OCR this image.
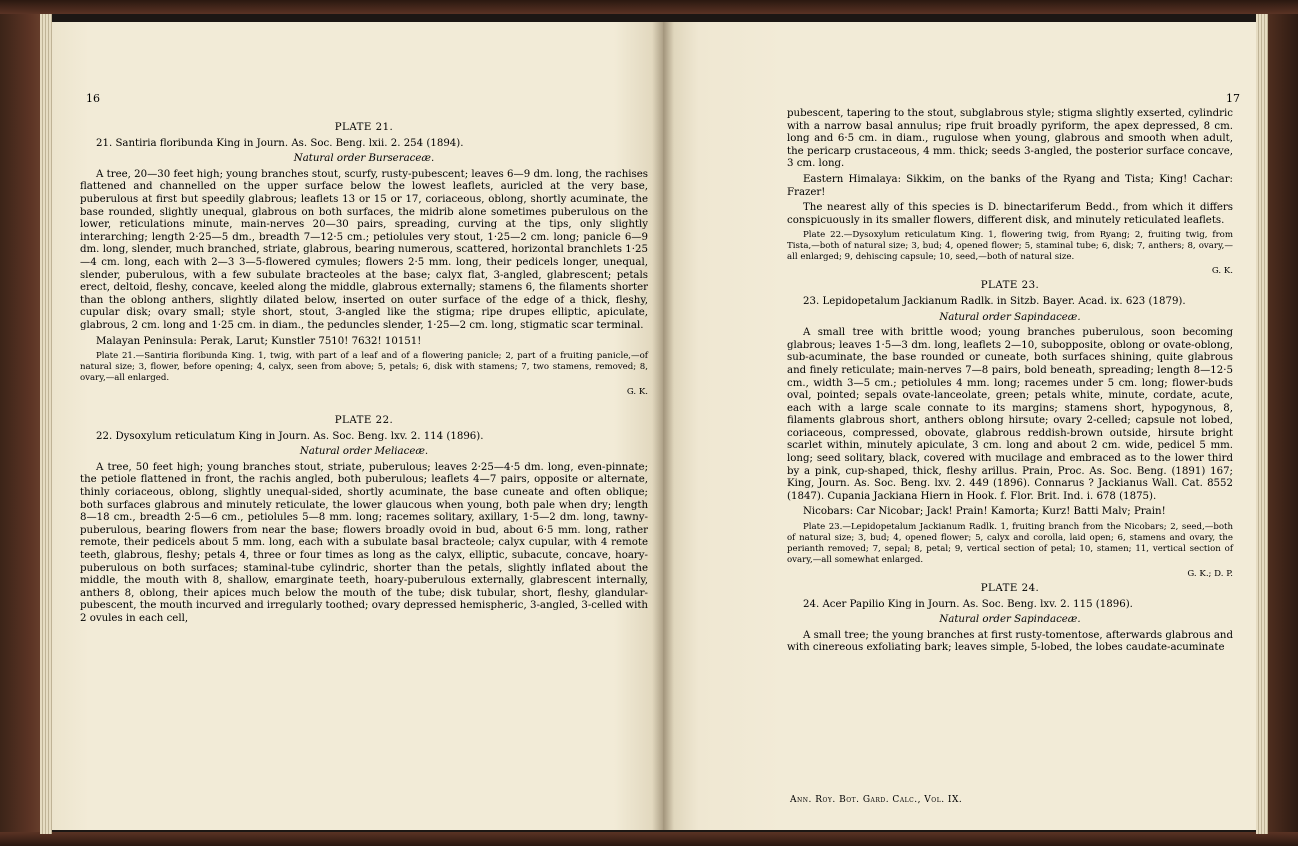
16

PLATE 21.

21. Santiria floribunda King in Journ. As. Soc. Beng. lxii. 2. 254 (1894).

Natural order Burseraceæ.

A tree, 20—30 feet high; young branches stout, scurfy, rusty-pubescent; leaves 6—9 dm. long, the rachises flattened and channelled on the upper surface below the lowest leaflets, auricled at the very base, puberulous at first but speedily glabrous; leaflets 13 or 15 or 17, coriaceous, oblong, shortly acuminate, the base rounded, slightly unequal, glabrous on both surfaces, the midrib alone sometimes puberulous on the lower, reticulations minute, main-nerves 20—30 pairs, spreading, curving at the tips, only slightly interarching; length 2·25—5 dm., breadth 7—12·5 cm.; petiolules very stout, 1·25—2 cm. long; panicle 6—9 dm. long, slender, much branched, striate, glabrous, bearing numerous, scattered, horizontal branchlets 1·25—4 cm. long, each with 2—3 3—5-flowered cymules; flowers 2·5 mm. long, their pedicels longer, unequal, slender, puberulous, with a few subulate bracteoles at the base; calyx flat, 3-angled, glabrescent; petals erect, deltoid, fleshy, concave, keeled along the middle, glabrous externally; stamens 6, the filaments shorter than the oblong anthers, slightly dilated below, inserted on outer surface of the edge of a thick, fleshy, cupular disk; ovary small; style short, stout, 3-angled like the stigma; ripe drupes elliptic, apiculate, glabrous, 2 cm. long and 1·25 cm. in diam., the peduncles slender, 1·25—2 cm. long, stigmatic scar terminal.

Malayan Peninsula: Perak, Larut; Kunstler 7510! 7632! 10151!

Plate 21.—Santiria floribunda King. 1, twig, with part of a leaf and of a flowering panicle; 2, part of a fruiting panicle,—of natural size; 3, flower, before opening; 4, calyx, seen from above; 5, petals; 6, disk with stamens; 7, two stamens, removed; 8, ovary,—all enlarged.

G. K.

PLATE 22.

22. Dysoxylum reticulatum King in Journ. As. Soc. Beng. lxv. 2. 114 (1896).

Natural order Meliaceæ.

A tree, 50 feet high; young branches stout, striate, puberulous; leaves 2·25—4·5 dm. long, even-pinnate; the petiole flattened in front, the rachis angled, both puberulous; leaflets 4—7 pairs, opposite or alternate, thinly coriaceous, oblong, slightly unequal-sided, shortly acuminate, the base cuneate and often oblique; both surfaces glabrous and minutely reticulate, the lower glaucous when young, both pale when dry; length 8—18 cm., breadth 2·5—6 cm., petiolules 5—8 mm. long; racemes solitary, axillary, 1·5—2 dm. long, tawny-puberulous, bearing flowers from near the base; flowers broadly ovoid in bud, about 6·5 mm. long, rather remote, their pedicels about 5 mm. long, each with a subulate basal bracteole; calyx cupular, with 4 remote teeth, glabrous, fleshy; petals 4, three or four times as long as the calyx, elliptic, subacute, concave, hoary-puberulous on both surfaces; staminal-tube cylindric, shorter than the petals, slightly inflated about the middle, the mouth with 8, shallow, emarginate teeth, hoary-puberulous externally, glabrescent internally, anthers 8, oblong, their apices much below the mouth of the tube; disk tubular, short, fleshy, glandular-pubescent, the mouth incurved and irregularly toothed; ovary depressed hemispheric, 3-angled, 3-celled with 2 ovules in each cell,

17

pubescent, tapering to the stout, subglabrous style; stigma slightly exserted, cylindric with a narrow basal annulus; ripe fruit broadly pyriform, the apex depressed, 8 cm. long and 6·5 cm. in diam., rugulose when young, glabrous and smooth when adult, the pericarp crustaceous, 4 mm. thick; seeds 3-angled, the posterior surface concave, 3 cm. long.

Eastern Himalaya: Sikkim, on the banks of the Ryang and Tista; King! Cachar: Frazer!

The nearest ally of this species is D. binectariferum Bedd., from which it differs conspicuously in its smaller flowers, different disk, and minutely reticulated leaflets.

Plate 22.—Dysoxylum reticulatum King. 1, flowering twig, from Ryang; 2, fruiting twig, from Tista,—both of natural size; 3, bud; 4, opened flower; 5, staminal tube; 6, disk; 7, anthers; 8, ovary,—all enlarged; 9, dehiscing capsule; 10, seed,—both of natural size.

G. K.

PLATE 23.

23. Lepidopetalum Jackianum Radlk. in Sitzb. Bayer. Acad. ix. 623 (1879).

Natural order Sapindaceæ.

A small tree with brittle wood; young branches puberulous, soon becoming glabrous; leaves 1·5—3 dm. long, leaflets 2—10, subopposite, oblong or ovate-oblong, sub-acuminate, the base rounded or cuneate, both surfaces shining, quite glabrous and finely reticulate; main-nerves 7—8 pairs, bold beneath, spreading; length 8—12·5 cm., width 3—5 cm.; petiolules 4 mm. long; racemes under 5 cm. long; flower-buds oval, pointed; sepals ovate-lanceolate, green; petals white, minute, cordate, acute, each with a large scale connate to its margins; stamens short, hypogynous, 8, filaments glabrous short, anthers oblong hirsute; ovary 2-celled; capsule not lobed, coriaceous, compressed, obovate, glabrous reddish-brown outside, hirsute bright scarlet within, minutely apiculate, 3 cm. long and about 2 cm. wide, pedicel 5 mm. long; seed solitary, black, covered with mucilage and embraced as to the lower third by a pink, cup-shaped, thick, fleshy arillus. Prain, Proc. As. Soc. Beng. (1891) 167; King, Journ. As. Soc. Beng. lxv. 2. 449 (1896). Connarus ? Jackianus Wall. Cat. 8552 (1847). Cupania Jackiana Hiern in Hook. f. Flor. Brit. Ind. i. 678 (1875).

Nicobars: Car Nicobar; Jack! Prain! Kamorta; Kurz! Batti Malv; Prain!

Plate 23.—Lepidopetalum Jackianum Radlk. 1, fruiting branch from the Nicobars; 2, seed,—both of natural size; 3, bud; 4, opened flower; 5, calyx and corolla, laid open; 6, stamens and ovary, the perianth removed; 7, sepal; 8, petal; 9, vertical section of petal; 10, stamen; 11, vertical section of ovary,—all somewhat enlarged.

G. K.; D. P.

PLATE 24.

24. Acer Papilio King in Journ. As. Soc. Beng. lxv. 2. 115 (1896).

Natural order Sapindaceæ.

A small tree; the young branches at first rusty-tomentose, afterwards glabrous and with cinereous exfoliating bark; leaves simple, 5-lobed, the lobes caudate-acuminate

Ann. Roy. Bot. Gard. Calc., Vol. IX.
